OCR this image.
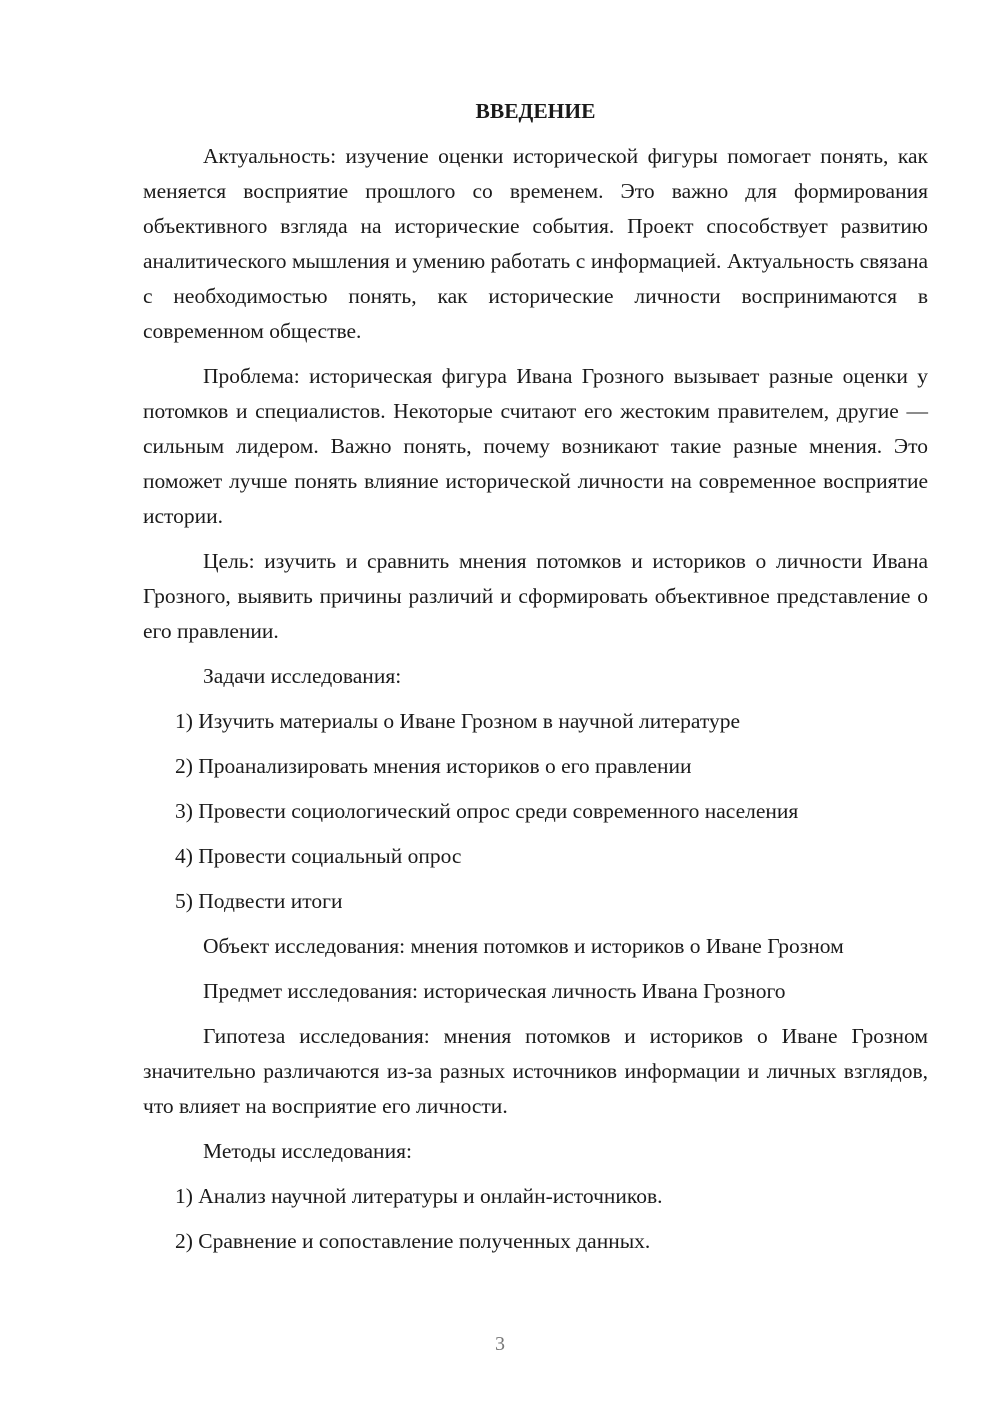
ВВЕДЕНИЕ

Актуальность: изучение оценки исторической фигуры помогает понять, как меняется восприятие прошлого со временем. Это важно для формирования объективного взгляда на исторические события. Проект способствует развитию аналитического мышления и умению работать с информацией. Актуальность связана с необходимостью понять, как исторические личности воспринимаются в современном обществе.

Проблема: историческая фигура Ивана Грозного вызывает разные оценки у потомков и специалистов. Некоторые считают его жестоким правителем, другие — сильным лидером. Важно понять, почему возникают такие разные мнения. Это поможет лучше понять влияние исторической личности на современное восприятие истории.

Цель: изучить и сравнить мнения потомков и историков о личности Ивана Грозного, выявить причины различий и сформировать объективное представление о его правлении.

Задачи исследования:

1) Изучить материалы о Иване Грозном в научной литературе

2) Проанализировать мнения историков о его правлении

3) Провести социологический опрос среди современного населения

4) Провести социальный опрос

5) Подвести итоги

Объект исследования: мнения потомков и историков о Иване Грозном

Предмет исследования: историческая личность Ивана Грозного

Гипотеза исследования: мнения потомков и историков о Иване Грозном значительно различаются из-за разных источников информации и личных взглядов, что влияет на восприятие его личности.

Методы исследования:

1) Анализ научной литературы и онлайн-источников.

2) Сравнение и сопоставление полученных данных.

3
